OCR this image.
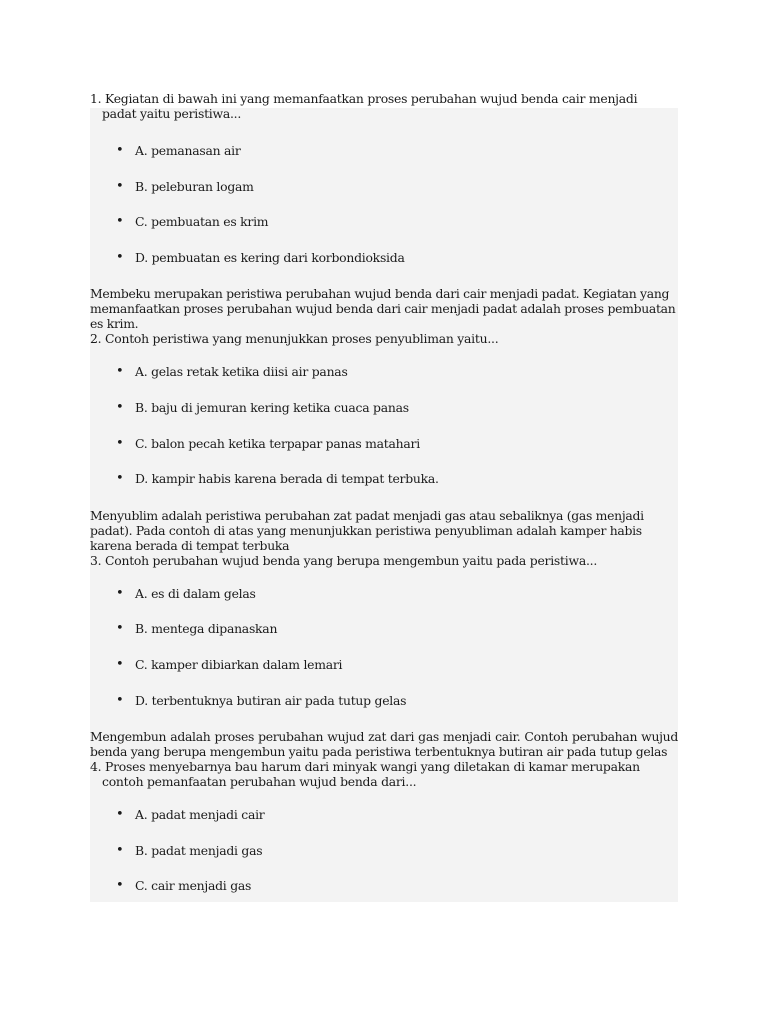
1. Kegiatan di bawah ini yang memanfaatkan proses perubahan wujud benda cair menjadi
padat yaitu peristiwa...

• A. pemanasan air
• B. peleburan logam
• C. pembuatan es krim
• D. pembuatan es kering dari korbondioksida

Membeku merupakan peristiwa perubahan wujud benda dari cair menjadi padat. Kegiatan yang memanfaatkan proses perubahan wujud benda dari cair menjadi padat adalah proses pembuatan es krim.

2. Contoh peristiwa yang menunjukkan proses penyubliman yaitu...

• A. gelas retak ketika diisi air panas
• B. baju di jemuran kering ketika cuaca panas
• C. balon pecah ketika terpapar panas matahari
• D. kampir habis karena berada di tempat terbuka.

Menyublim adalah peristiwa perubahan zat padat menjadi gas atau sebaliknya (gas menjadi padat). Pada contoh di atas yang menunjukkan peristiwa penyubliman adalah kamper habis karena berada di tempat terbuka

3. Contoh perubahan wujud benda yang berupa mengembun yaitu pada peristiwa...

• A. es di dalam gelas
• B. mentega dipanaskan
• C. kamper dibiarkan dalam lemari
• D. terbentuknya butiran air pada tutup gelas

Mengembun adalah proses perubahan wujud zat dari gas menjadi cair. Contoh perubahan wujud benda yang berupa mengembun yaitu pada peristiwa terbentuknya butiran air pada tutup gelas

4. Proses menyebarnya bau harum dari minyak wangi yang diletakan di kamar merupakan
contoh pemanfaatan perubahan wujud benda dari...

• A. padat menjadi cair
• B. padat menjadi gas
• C. cair menjadi gas
